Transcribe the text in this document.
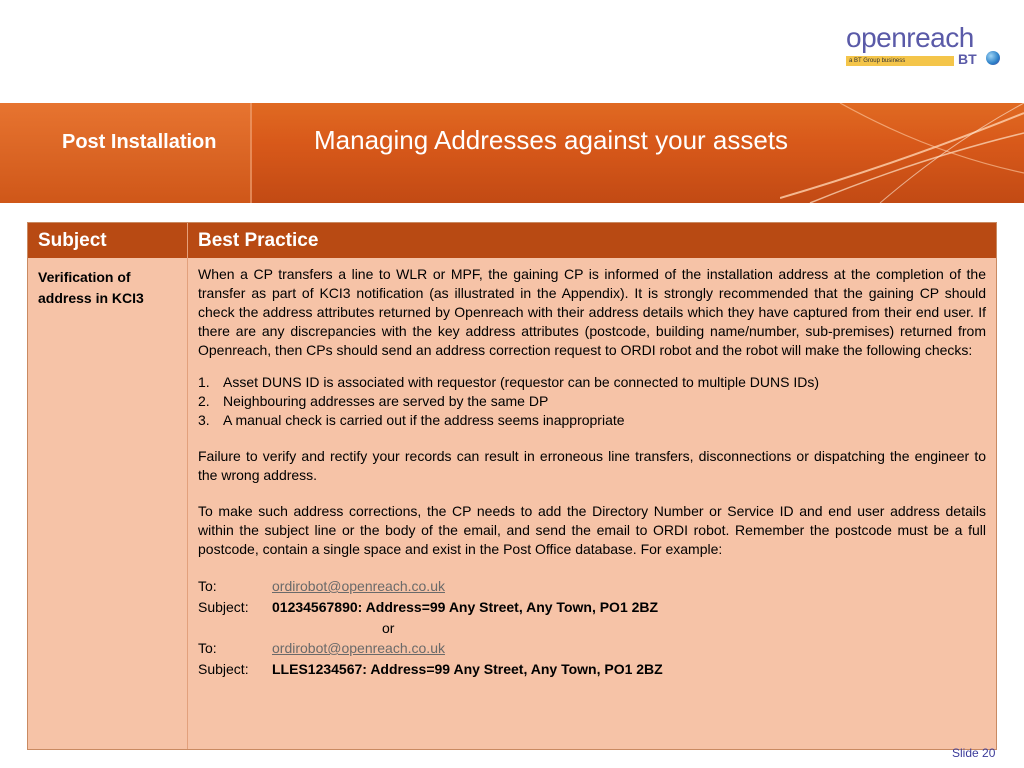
openreach
a BT Group business	BT
Post Installation	Managing Addresses against your assets
Subject	Best Practice
Verification of address in KCI3

When a CP transfers a line to WLR or MPF, the gaining CP is informed of the installation address at the completion of the transfer as part of KCI3 notification (as illustrated in the Appendix). It is strongly recommended that the gaining CP should check the address attributes returned by Openreach with their address details which they have captured from their end user. If there are any discrepancies with the key address attributes (postcode, building name/number, sub-premises) returned from Openreach, then CPs should send an address correction request to ORDI robot and the robot will make the following checks:

1. Asset DUNS ID is associated with requestor (requestor can be connected to multiple DUNS IDs)
2. Neighbouring addresses are served by the same DP
3. A manual check is carried out if the address seems inappropriate

Failure to verify and rectify your records can result in erroneous line transfers, disconnections or dispatching the engineer to the wrong address.

To make such address corrections, the CP needs to add the Directory Number or Service ID and end user address details within the subject line or the body of the email, and send the email to ORDI robot. Remember the postcode must be a full postcode, contain a single space and exist in the Post Office database. For example:

To:	ordirobot@openreach.co.uk
Subject: 01234567890: Address=99 Any Street, Any Town, PO1 2BZ
or
To:	ordirobot@openreach.co.uk
Subject: LLES1234567: Address=99 Any Street, Any Town, PO1 2BZ
Slide 20
